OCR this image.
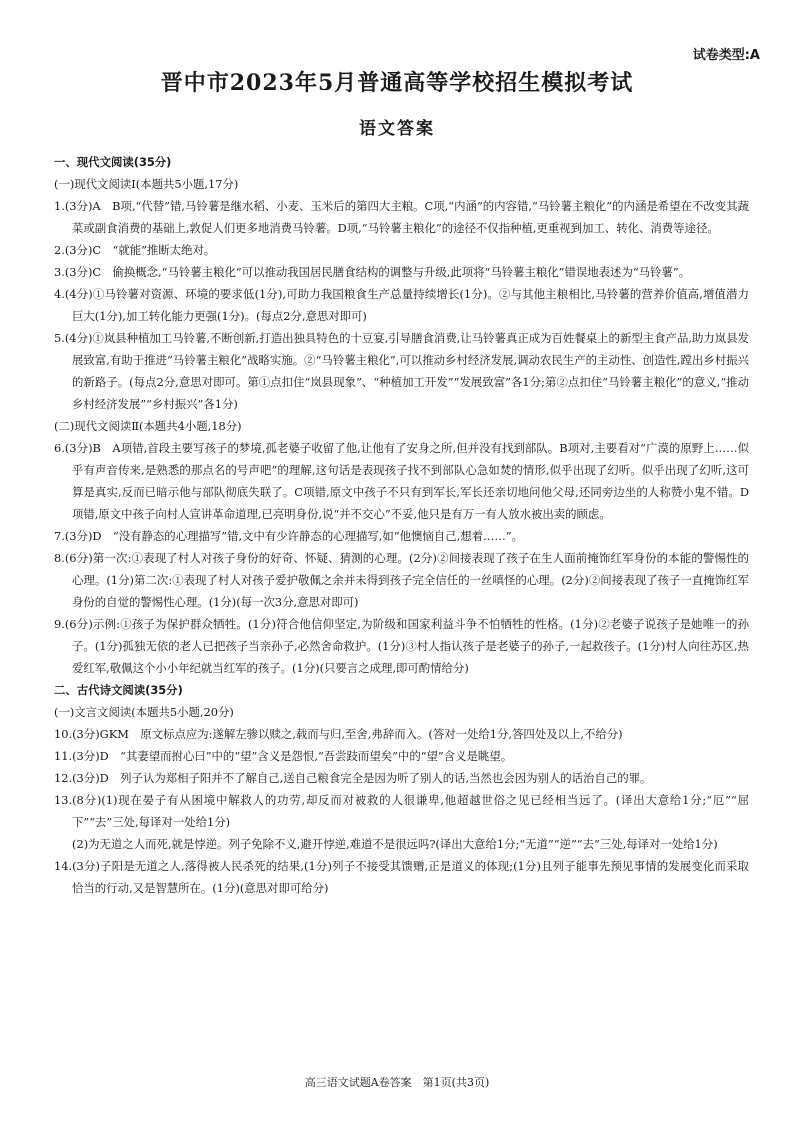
试卷类型:A
晋中市2023年5月普通高等学校招生模拟考试
语文答案
一、现代文阅读(35分)
(一)现代文阅读Ⅰ(本题共5小题,17分)
1.(3分)A　B项,“代替”错,马铃薯是继水稻、小麦、玉米后的第四大主粮。C项,“内涵”的内容错,“马铃薯主粮化”的内涵是希望在不改变其蔬菜或副食消费的基础上,敦促人们更多地消费马铃薯。D项,“马铃薯主粮化”的途径不仅指种植,更重视到加工、转化、消费等途径。
2.(3分)C　“就能”推断太绝对。
3.(3分)C　偷换概念,“马铃薯主粮化”可以推动我国居民膳食结构的调整与升级,此项将“马铃薯主粮化”错误地表述为“马铃薯”。
4.(4分)①马铃薯对资源、环境的要求低(1分),可助力我国粮食生产总量持续增长(1分)。②与其他主粮相比,马铃薯的营养价值高,增值潜力巨大(1分),加工转化能力更强(1分)。(每点2分,意思对即可)
5.(4分)①岚县种植加工马铃薯,不断创新,打造出独具特色的十豆宴,引导膳食消费,让马铃薯真正成为百姓餐桌上的新型主食产品,助力岚县发展致富,有助于推进“马铃薯主粮化”战略实施。②“马铃薯主粮化”,可以推动乡村经济发展,调动农民生产的主动性、创造性,蹚出乡村振兴的新路子。(每点2分,意思对即可。第①点扣住“岚县现象”、“种植加工开发”“发展致富”各1分;第②点扣住“马铃薯主粮化”的意义,“推动乡村经济发展”“乡村振兴”各1分)
(二)现代文阅读Ⅱ(本题共4小题,18分)
6.(3分)B　A项错,首段主要写孩子的梦境,孤老婆子收留了他,让他有了安身之所,但并没有找到部队。B项对,主要看对“广漠的原野上……似乎有声音传来,是熟悉的那点名的号声吧”的理解,这句话是表现孩子找不到部队心急如焚的情形,似乎出现了幻听。似乎出现了幻听,这可算是真实,反而已暗示他与部队彻底失联了。C项错,原文中孩子不只有到军长,军长还亲切地问他父母,还同旁边坐的人称赞小鬼不错。D项错,原文中孩子向村人宣讲革命道理,已亮明身份,说“并不交心”不妥,他只是有万一有人放水被出卖的顾虑。
7.(3分)D　“没有静态的心理描写”错,文中有少许静态的心理描写,如“他懊恼自己,想着……”。
8.(6分)第一次:①表现了村人对孩子身份的好奇、怀疑、猜测的心理。(2分)②间接表现了孩子在生人面前掩饰红军身份的本能的警惕性的心理。(1分)第二次:①表现了村人对孩子爱护敬佩之余并未得到孩子完全信任的一丝嗔怪的心理。(2分)②间接表现了孩子一直掩饰红军身份的自觉的警惕性心理。(1分)(每一次3分,意思对即可)
9.(6分)示例:①孩子为保护群众牺牲。(1分)符合他信仰坚定,为阶级和国家利益斗争不怕牺牲的性格。(1分)②老婆子说孩子是她唯一的孙子。(1分)孤独无依的老人已把孩子当亲孙子,必然舍命救护。(1分)③村人指认孩子是老婆子的孙子,一起救孩子。(1分)村人向往苏区,热爱红军,敬佩这个小小年纪就当红军的孩子。(1分)(只要言之成理,即可酌情给分)
二、古代诗文阅读(35分)
(一)文言文阅读(本题共5小题,20分)
10.(3分)GKM　原文标点应为:遂解左骖以赎之,载而与归,至舍,弗辞而入。(答对一处给1分,答四处及以上,不给分)
11.(3分)D　“其妻望而拊心曰”中的“望”含义是怨恨,“吾尝跂而望矣”中的“望”含义是眺望。
12.(3分)D　列子认为郑相子阳并不了解自己,送自己粮食完全是因为听了别人的话,当然也会因为别人的话治自己的罪。
13.(8分)(1)现在晏子有从困境中解救人的功劳,却反而对被救的人很谦卑,他超越世俗之见已经相当远了。(译出大意给1分;“厄”“屈下”“去”三处,每译对一处给1分)
(2)为无道之人而死,就是悖逆。列子免除不义,避开悖逆,难道不是很远吗?(译出大意给1分;“无道”“逆”“去”三处,每译对一处给1分)
14.(3分)子阳是无道之人,落得被人民杀死的结果,(1分)列子不接受其馈赠,正是道义的体现;(1分)且列子能事先预见事情的发展变化而采取恰当的行动,又是智慧所在。(1分)(意思对即可给分)
高三语文试题A卷答案　第1页(共3页)
